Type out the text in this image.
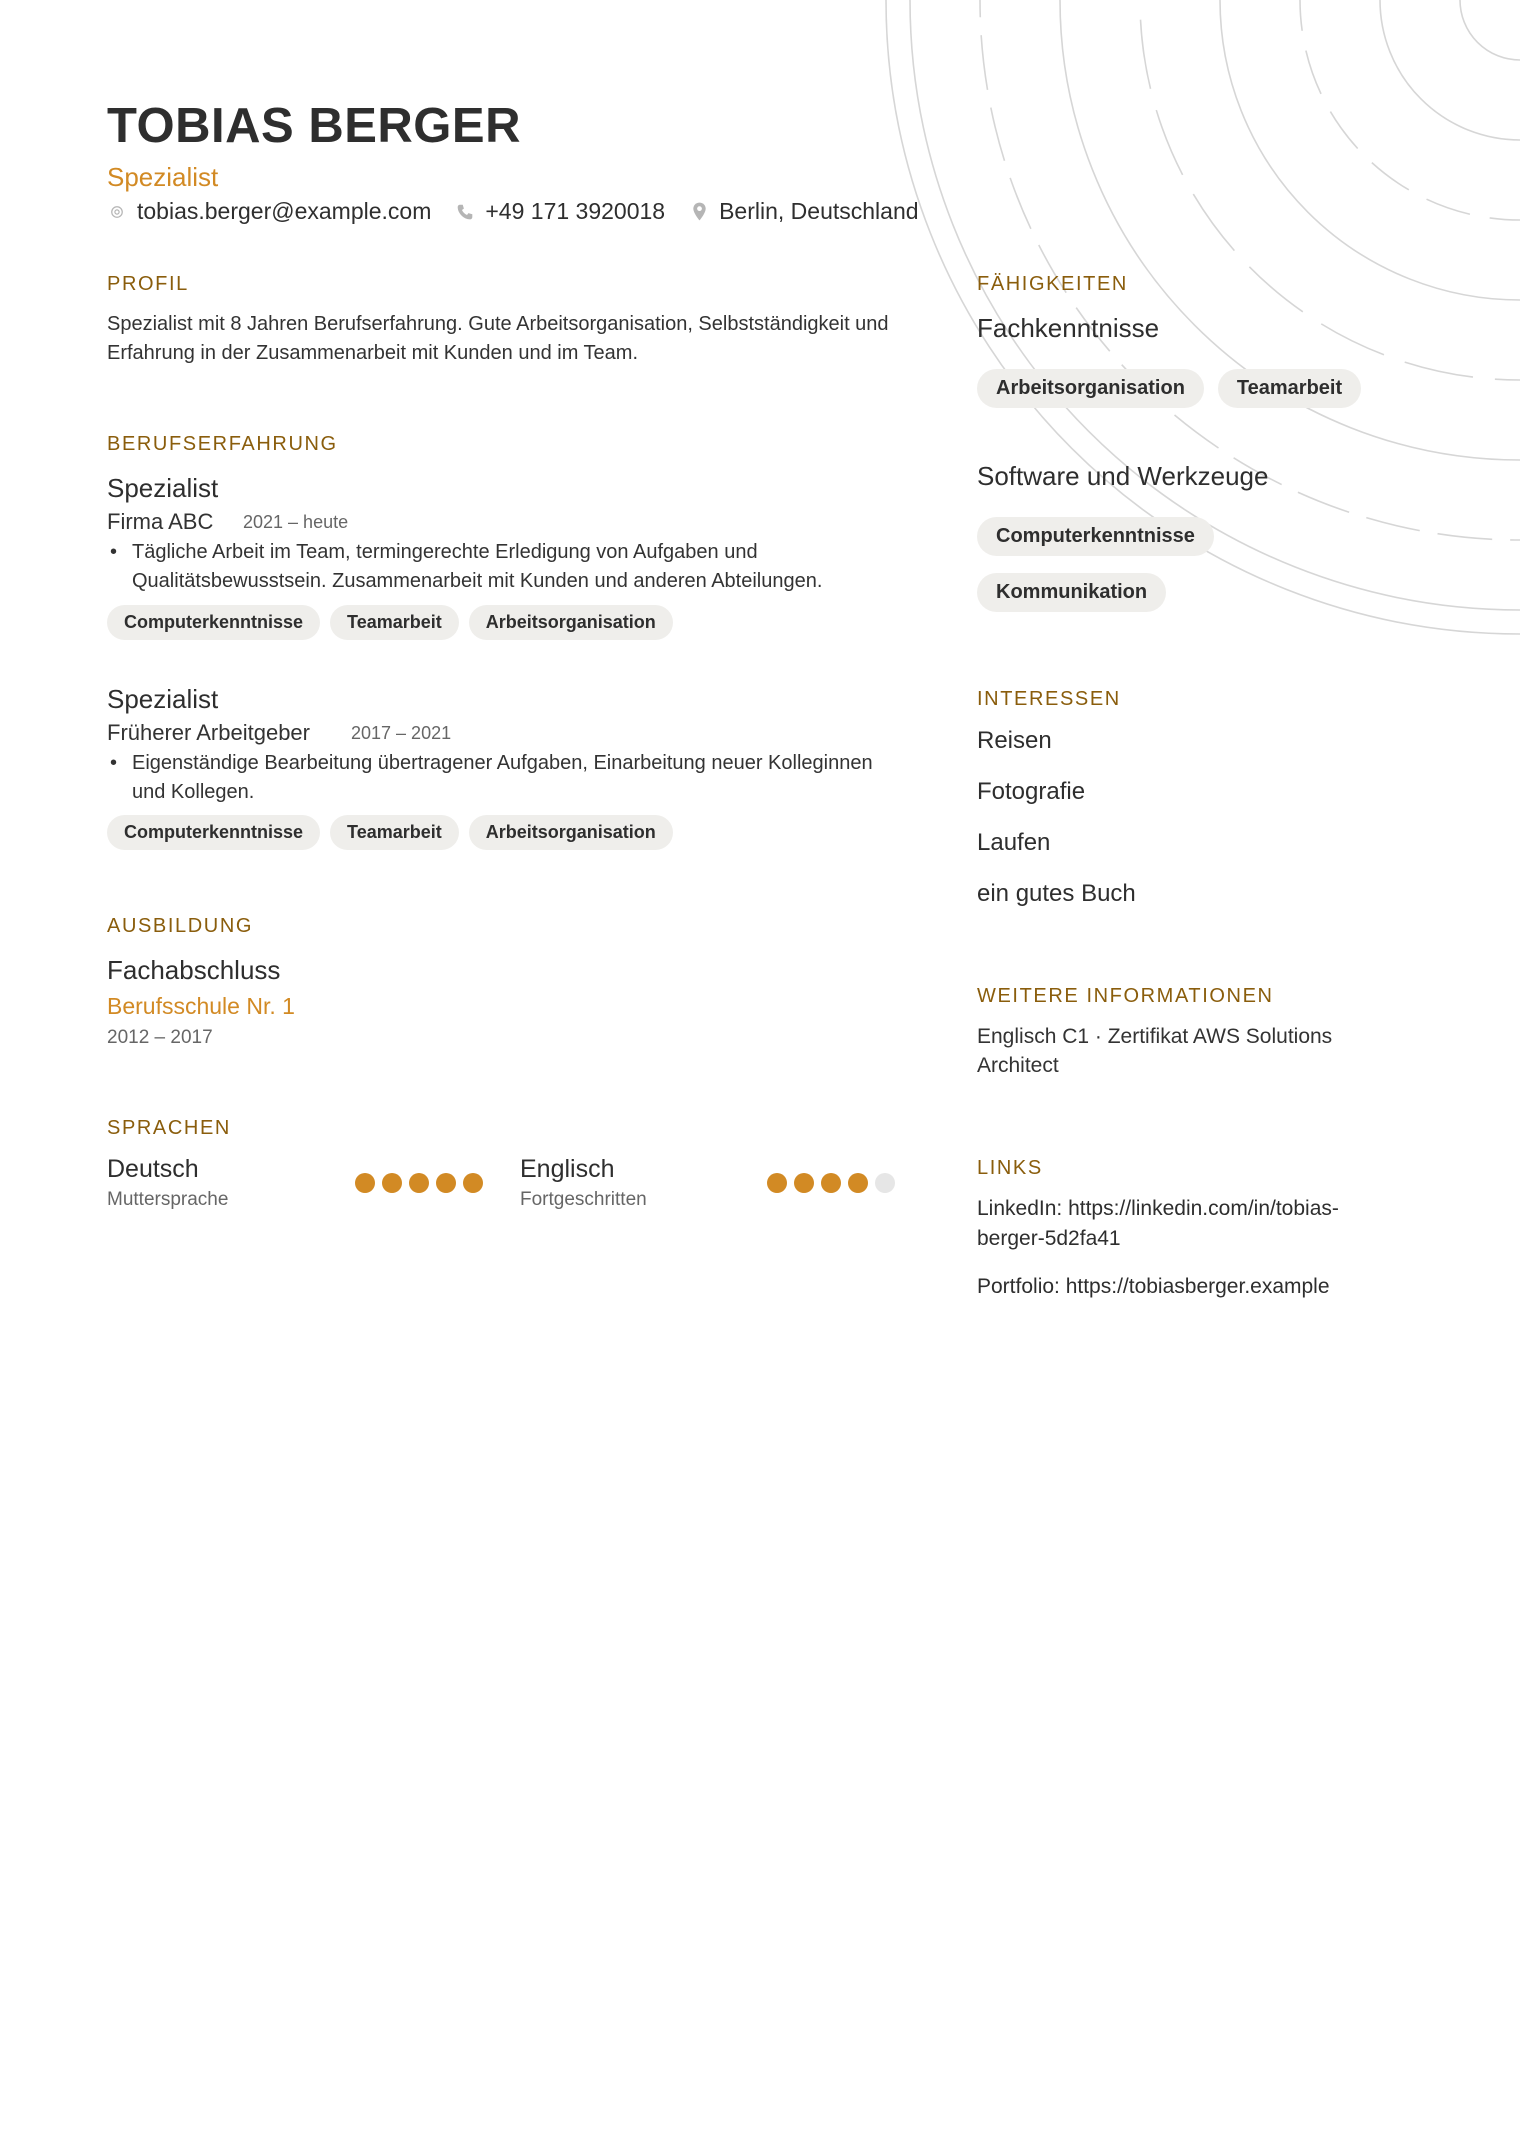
TOBIAS BERGER
Spezialist
tobias.berger@example.com +49 171 3920018 Berlin, Deutschland
PROFIL
Spezialist mit 8 Jahren Berufserfahrung. Gute Arbeitsorganisation, Selbstständigkeit und Erfahrung in der Zusammenarbeit mit Kunden und im Team.
BERUFSERFAHRUNG
Spezialist
Firma ABC 2021 – heute
• Tägliche Arbeit im Team, termingerechte Erledigung von Aufgaben und Qualitätsbewusstsein. Zusammenarbeit mit Kunden und anderen Abteilungen.
Computerkenntnisse	Teamarbeit	Arbeitsorganisation
Spezialist
Früherer Arbeitgeber 2017 – 2021
• Eigenständige Bearbeitung übertragener Aufgaben, Einarbeitung neuer Kolleginnen und Kollegen.
Computerkenntnisse	Teamarbeit	Arbeitsorganisation
AUSBILDUNG
Fachabschluss
Berufsschule Nr. 1
2012 – 2017
SPRACHEN
Deutsch
Muttersprache
Englisch
Fortgeschritten
FÄHIGKEITEN
Fachkenntnisse
Arbeitsorganisation	Teamarbeit
Software und Werkzeuge
Computerkenntnisse
Kommunikation
INTERESSEN
Reisen
Fotografie
Laufen
ein gutes Buch
WEITERE INFORMATIONEN
Englisch C1 · Zertifikat AWS Solutions Architect
LINKS
LinkedIn: https://linkedin.com/in/tobias-berger-5d2fa41
Portfolio: https://tobiasberger.example
